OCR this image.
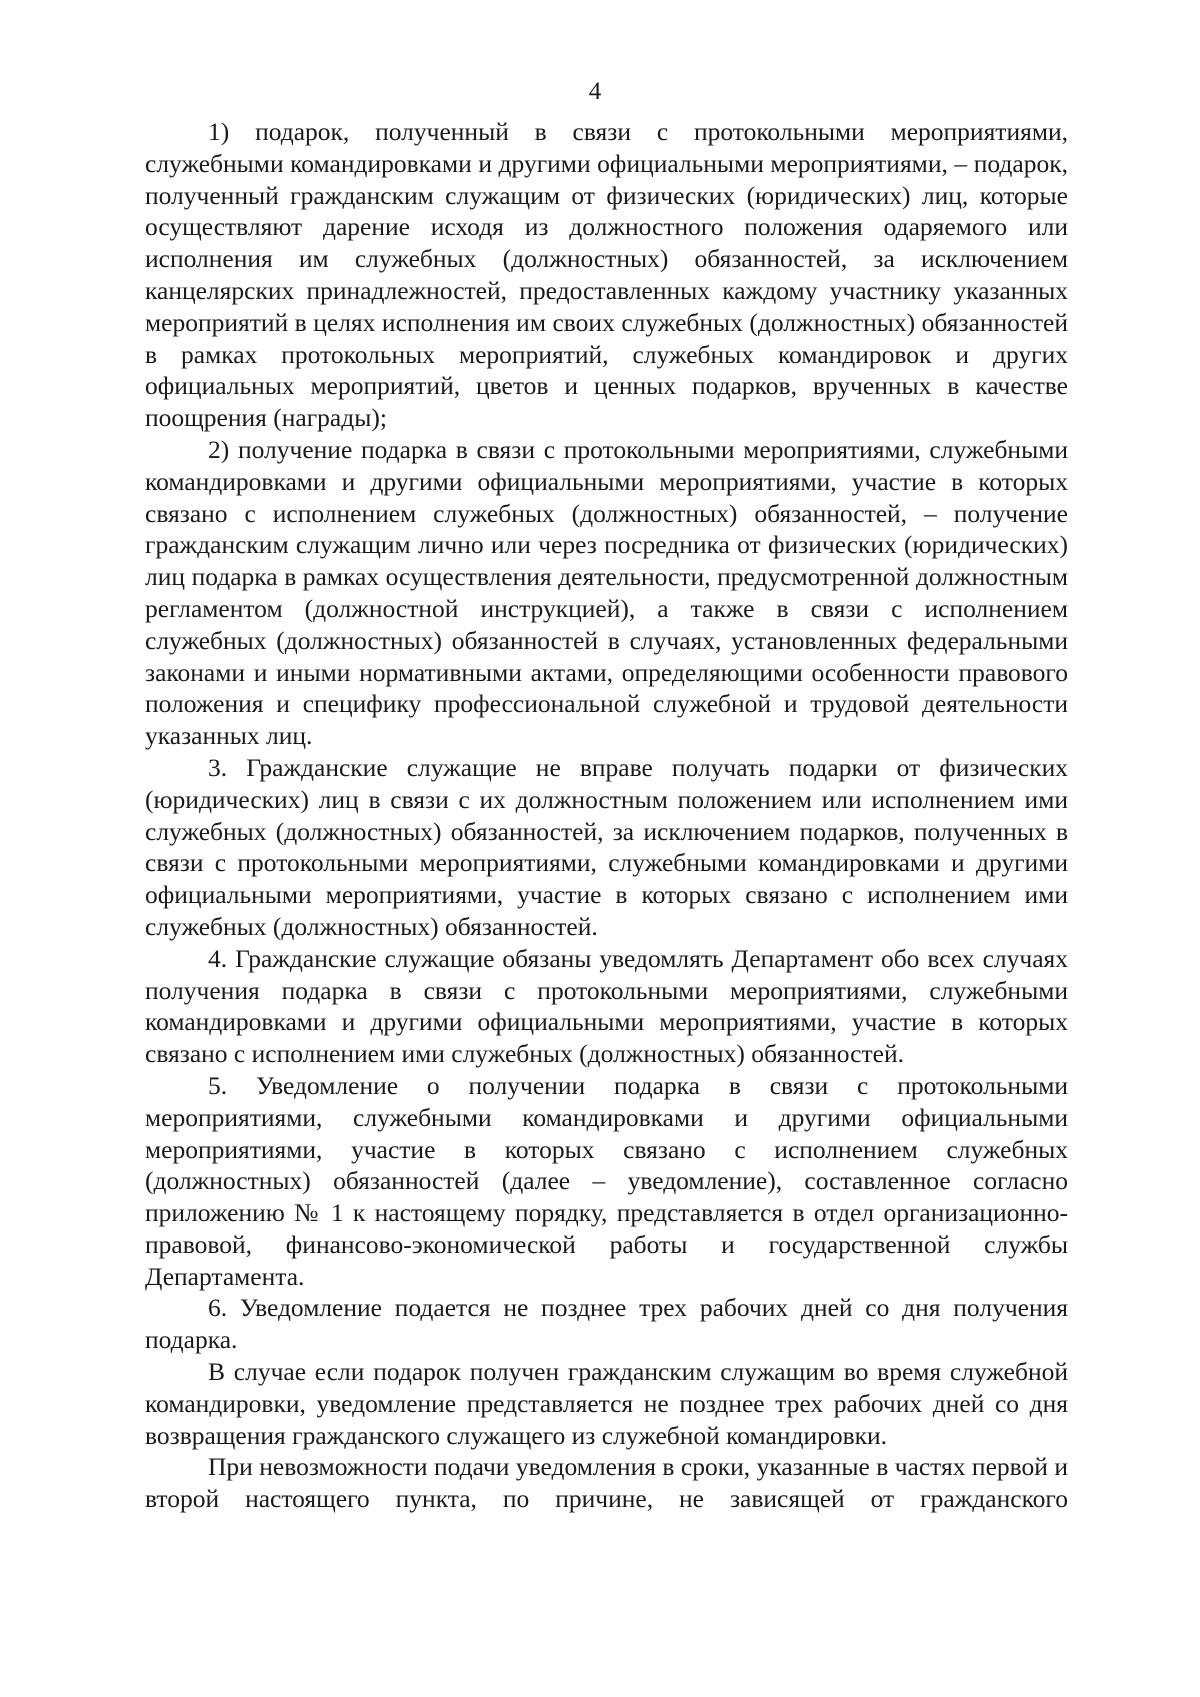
4

1) подарок, полученный в связи с протокольными мероприятиями, служебными командировками и другими официальными мероприятиями, – подарок, полученный гражданским служащим от физических (юридических) лиц, которые осуществляют дарение исходя из должностного положения одаряемого или исполнения им служебных (должностных) обязанностей, за исключением канцелярских принадлежностей, предоставленных каждому участнику указанных мероприятий в целях исполнения им своих служебных (должностных) обязанностей в рамках протокольных мероприятий, служебных командировок и других официальных мероприятий, цветов и ценных подарков, врученных в качестве поощрения (награды);

2) получение подарка в связи с протокольными мероприятиями, служебными командировками и другими официальными мероприятиями, участие в которых связано с исполнением служебных (должностных) обязанностей, – получение гражданским служащим лично или через посредника от физических (юридических) лиц подарка в рамках осуществления деятельности, предусмотренной должностным регламентом (должностной инструкцией), а также в связи с исполнением служебных (должностных) обязанностей в случаях, установленных федеральными законами и иными нормативными актами, определяющими особенности правового положения и специфику профессиональной служебной и трудовой деятельности указанных лиц.

3. Гражданские служащие не вправе получать подарки от физических (юридических) лиц в связи с их должностным положением или исполнением ими служебных (должностных) обязанностей, за исключением подарков, полученных в связи с протокольными мероприятиями, служебными командировками и другими официальными мероприятиями, участие в которых связано с исполнением ими служебных (должностных) обязанностей.

4. Гражданские служащие обязаны уведомлять Департамент обо всех случаях получения подарка в связи с протокольными мероприятиями, служебными командировками и другими официальными мероприятиями, участие в которых связано с исполнением ими служебных (должностных) обязанностей.

5. Уведомление о получении подарка в связи с протокольными мероприятиями, служебными командировками и другими официальными мероприятиями, участие в которых связано с исполнением служебных (должностных) обязанностей (далее – уведомление), составленное согласно приложению № 1 к настоящему порядку, представляется в отдел организационно-правовой, финансово-экономической работы и государственной службы Департамента.

6. Уведомление подается не позднее трех рабочих дней со дня получения подарка.

В случае если подарок получен гражданским служащим во время служебной командировки, уведомление представляется не позднее трех рабочих дней со дня возвращения гражданского служащего из служебной командировки.

При невозможности подачи уведомления в сроки, указанные в частях первой и второй настоящего пункта, по причине, не зависящей от гражданского
